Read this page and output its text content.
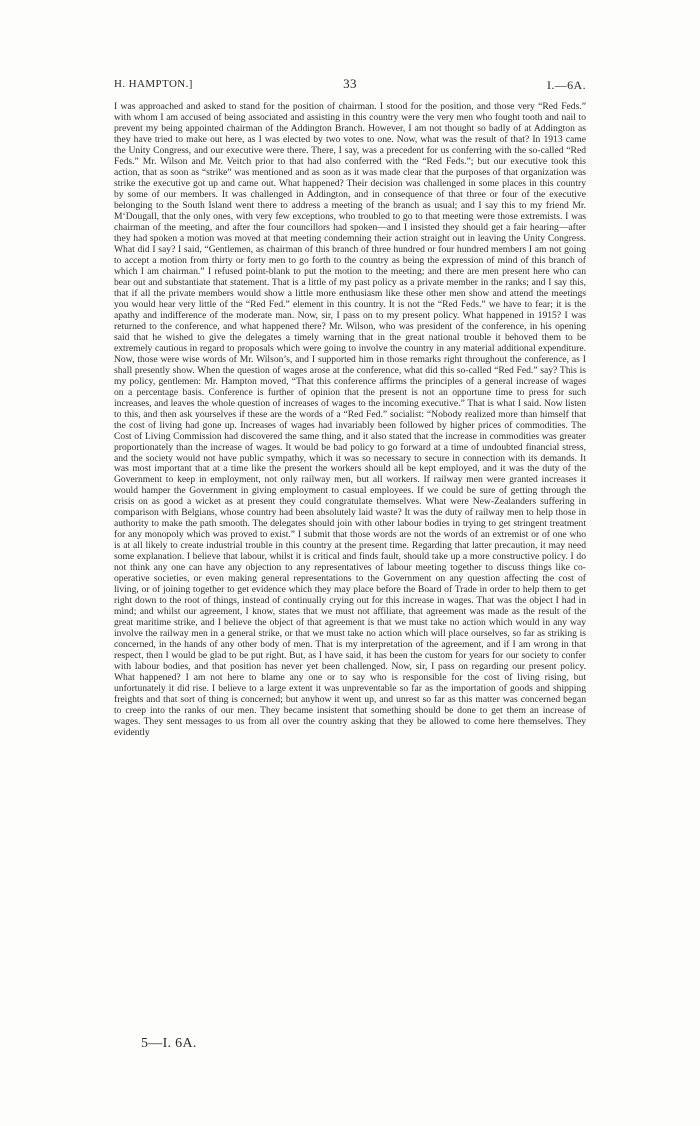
H. HAMPTON.]	33	I.—6A.

I was approached and asked to stand for the position of chairman. I stood for the position, and those very “Red Feds.” with whom I am accused of being associated and assisting in this country were the very men who fought tooth and nail to prevent my being appointed chairman of the Addington Branch. However, I am not thought so badly of at Addington as they have tried to make out here, as I was elected by two votes to one. Now, what was the result of that? In 1913 came the Unity Congress, and our executive were there. There, I say, was a precedent for us conferring with the so-called “Red Feds.” Mr. Wilson and Mr. Veitch prior to that had also conferred with the “Red Feds.”; but our executive took this action, that as soon as “strike” was mentioned and as soon as it was made clear that the purposes of that organization was strike the executive got up and came out. What happened? Their decision was challenged in some places in this country by some of our members. It was challenged in Addington, and in consequence of that three or four of the executive belonging to the South Island went there to address a meeting of the branch as usual; and I say this to my friend Mr. M‘Dougall, that the only ones, with very few exceptions, who troubled to go to that meeting were those extremists. I was chairman of the meeting, and after the four councillors had spoken—and I insisted they should get a fair hearing—after they had spoken a motion was moved at that meeting condemning their action straight out in leaving the Unity Congress. What did I say? I said, “Gentlemen, as chairman of this branch of three hundred or four hundred members I am not going to accept a motion from thirty or forty men to go forth to the country as being the expression of mind of this branch of which I am chairman.” I refused point-blank to put the motion to the meeting; and there are men present here who can bear out and substantiate that statement. That is a little of my past policy as a private member in the ranks; and I say this, that if all the private members would show a little more enthusiasm like these other men show and attend the meetings you would hear very little of the “Red Fed.” element in this country. It is not the “Red Feds.” we have to fear; it is the apathy and indifference of the moderate man. Now, sir, I pass on to my present policy. What happened in 1915? I was returned to the conference, and what happened there? Mr. Wilson, who was president of the conference, in his opening said that he wished to give the delegates a timely warning that in the great national trouble it behoved them to be extremely cautious in regard to proposals which were going to involve the country in any material additional expenditure. Now, those were wise words of Mr. Wilson’s, and I supported him in those remarks right throughout the conference, as I shall presently show. When the question of wages arose at the conference, what did this so-called “Red Fed.” say? This is my policy, gentlemen: Mr. Hampton moved, “That this conference affirms the principles of a general increase of wages on a percentage basis. Conference is further of opinion that the present is not an opportune time to press for such increases, and leaves the whole question of increases of wages to the incoming executive.” That is what I said. Now listen to this, and then ask yourselves if these are the words of a “Red Fed.” socialist: “Nobody realized more than himself that the cost of living had gone up. Increases of wages had invariably been followed by higher prices of commodities. The Cost of Living Commission had discovered the same thing, and it also stated that the increase in commodities was greater proportionately than the increase of wages. It would be bad policy to go forward at a time of undoubted financial stress, and the society would not have public sympathy, which it was so necessary to secure in connection with its demands. It was most important that at a time like the present the workers should all be kept employed, and it was the duty of the Government to keep in employment, not only railway men, but all workers. If railway men were granted increases it would hamper the Government in giving employment to casual employees. If we could be sure of getting through the crisis on as good a wicket as at present they could congratulate themselves. What were New-Zealanders suffering in comparison with Belgians, whose country had been absolutely laid waste? It was the duty of railway men to help those in authority to make the path smooth. The delegates should join with other labour bodies in trying to get stringent treatment for any monopoly which was proved to exist.” I submit that those words are not the words of an extremist or of one who is at all likely to create industrial trouble in this country at the present time. Regarding that latter precaution, it may need some explanation. I believe that labour, whilst it is critical and finds fault, should take up a more constructive policy. I do not think any one can have any objection to any representatives of labour meeting together to discuss things like co-operative societies, or even making general representations to the Government on any question affecting the cost of living, or of joining together to get evidence which they may place before the Board of Trade in order to help them to get right down to the root of things, instead of continually crying out for this increase in wages. That was the object I had in mind; and whilst our agreement, I know, states that we must not affiliate, that agreement was made as the result of the great maritime strike, and I believe the object of that agreement is that we must take no action which would in any way involve the railway men in a general strike, or that we must take no action which will place ourselves, so far as striking is concerned, in the hands of any other body of men. That is my interpretation of the agreement, and if I am wrong in that respect, then I would be glad to be put right. But, as I have said, it has been the custom for years for our society to confer with labour bodies, and that position has never yet been challenged. Now, sir, I pass on regarding our present policy. What happened? I am not here to blame any one or to say who is responsible for the cost of living rising, but unfortunately it did rise. I believe to a large extent it was unpreventable so far as the importation of goods and shipping freights and that sort of thing is concerned; but anyhow it went up, and unrest so far as this matter was concerned began to creep into the ranks of our men. They became insistent that something should be done to get them an increase of wages. They sent messages to us from all over the country asking that they be allowed to come here themselves. They evidently

5—I. 6A.
